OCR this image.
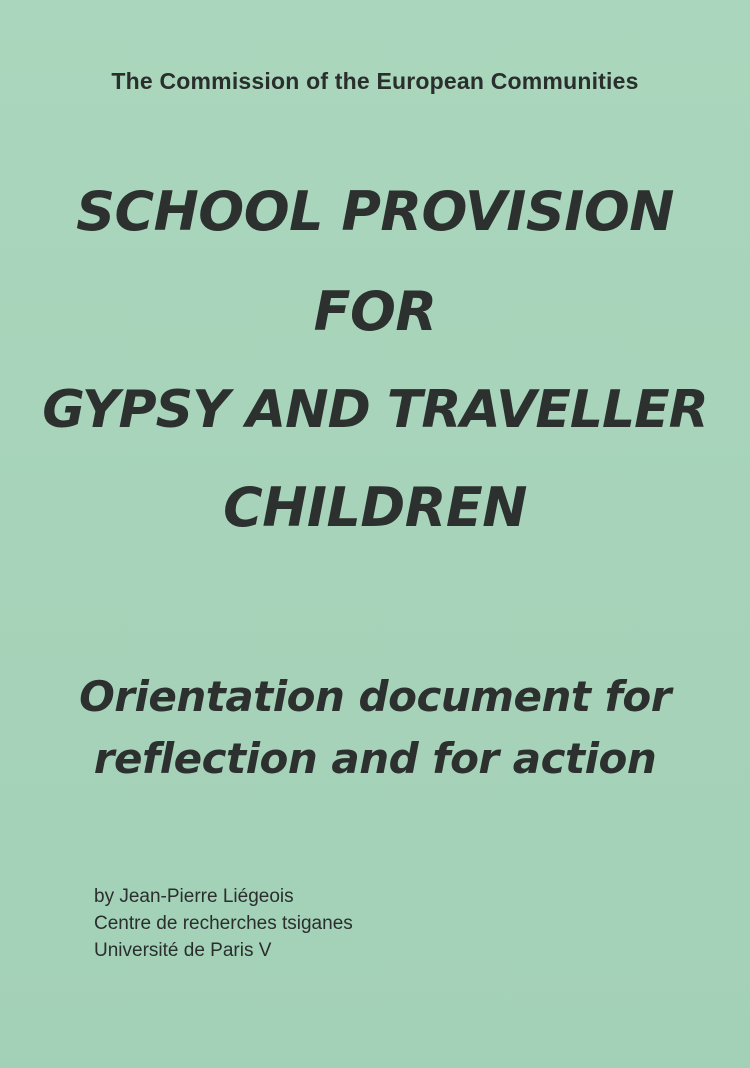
The Commission of the European Communities
SCHOOL PROVISION
FOR
GYPSY AND TRAVELLER
CHILDREN
Orientation document for
reflection and for action
by Jean-Pierre Liégeois
Centre de recherches tsiganes
Université de Paris V
